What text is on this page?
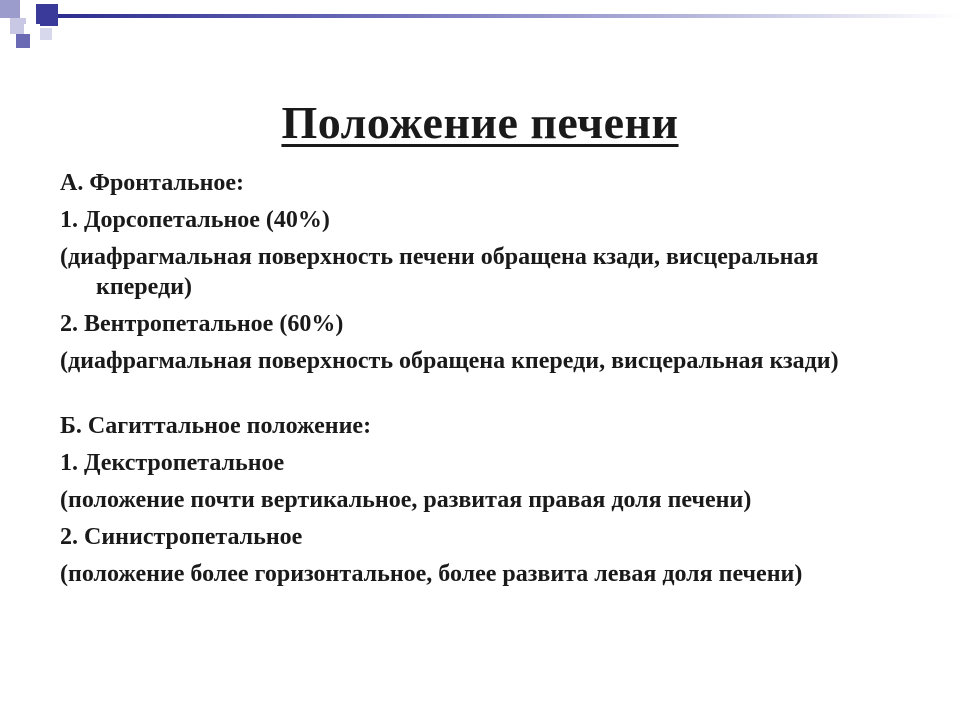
Положение печени
А. Фронтальное:
1. Дорсопетальное (40%)
(диафрагмальная поверхность печени обращена кзади, висцеральная кпереди)
2. Вентропетальное (60%)
(диафрагмальная поверхность обращена кпереди, висцеральная кзади)
Б. Сагиттальное положение:
1. Декстропетальное
(положение почти вертикальное, развитая правая доля печени)
2. Синистропетальное
(положение более горизонтальное, более развита левая доля печени)
